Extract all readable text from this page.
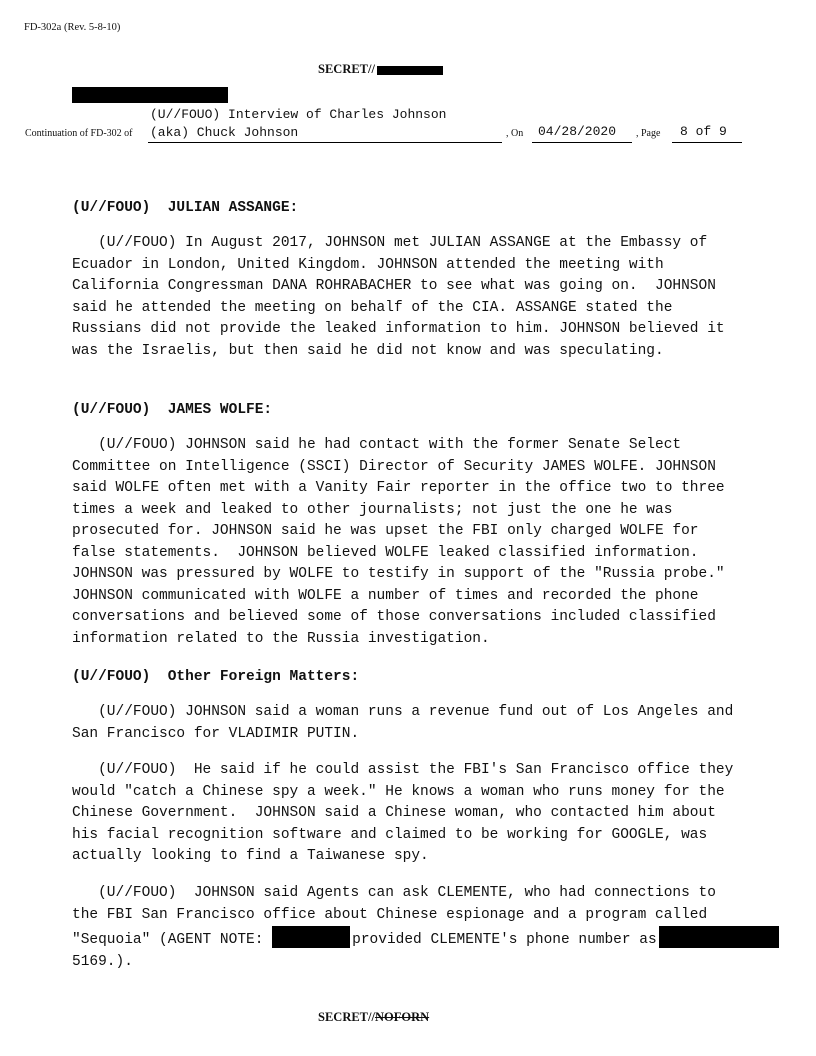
FD-302a (Rev. 5-8-10)
SECRET//
(U//FOUO) Interview of Charles Johnson
Continuation of FD-302 of (aka) Chuck Johnson	, On 04/28/2020 , Page 8 of 9
(U//FOUO)  JULIAN ASSANGE:
(U//FOUO) In August 2017, JOHNSON met JULIAN ASSANGE at the Embassy of
Ecuador in London, United Kingdom. JOHNSON attended the meeting with
California Congressman DANA ROHRABACHER to see what was going on.  JOHNSON
said he attended the meeting on behalf of the CIA. ASSANGE stated the
Russians did not provide the leaked information to him. JOHNSON believed it
was the Israelis, but then said he did not know and was speculating.
(U//FOUO)  JAMES WOLFE:
(U//FOUO) JOHNSON said he had contact with the former Senate Select
Committee on Intelligence (SSCI) Director of Security JAMES WOLFE. JOHNSON
said WOLFE often met with a Vanity Fair reporter in the office two to three
times a week and leaked to other journalists; not just the one he was
prosecuted for. JOHNSON said he was upset the FBI only charged WOLFE for
false statements.  JOHNSON believed WOLFE leaked classified information.
JOHNSON was pressured by WOLFE to testify in support of the "Russia probe."
JOHNSON communicated with WOLFE a number of times and recorded the phone
conversations and believed some of those conversations included classified
information related to the Russia investigation.
(U//FOUO)  Other Foreign Matters:
(U//FOUO) JOHNSON said a woman runs a revenue fund out of Los Angeles and
San Francisco for VLADIMIR PUTIN.
(U//FOUO)  He said if he could assist the FBI's San Francisco office they
would "catch a Chinese spy a week." He knows a woman who runs money for the
Chinese Government.  JOHNSON said a Chinese woman, who contacted him about
his facial recognition software and claimed to be working for GOOGLE, was
actually looking to find a Taiwanese spy.
(U//FOUO)  JOHNSON said Agents can ask CLEMENTE, who had connections to
the FBI San Francisco office about Chinese espionage and a program called
"Sequoia" (AGENT NOTE:	provided CLEMENTE's phone number as
5169.).
SECRET//NOFORN
